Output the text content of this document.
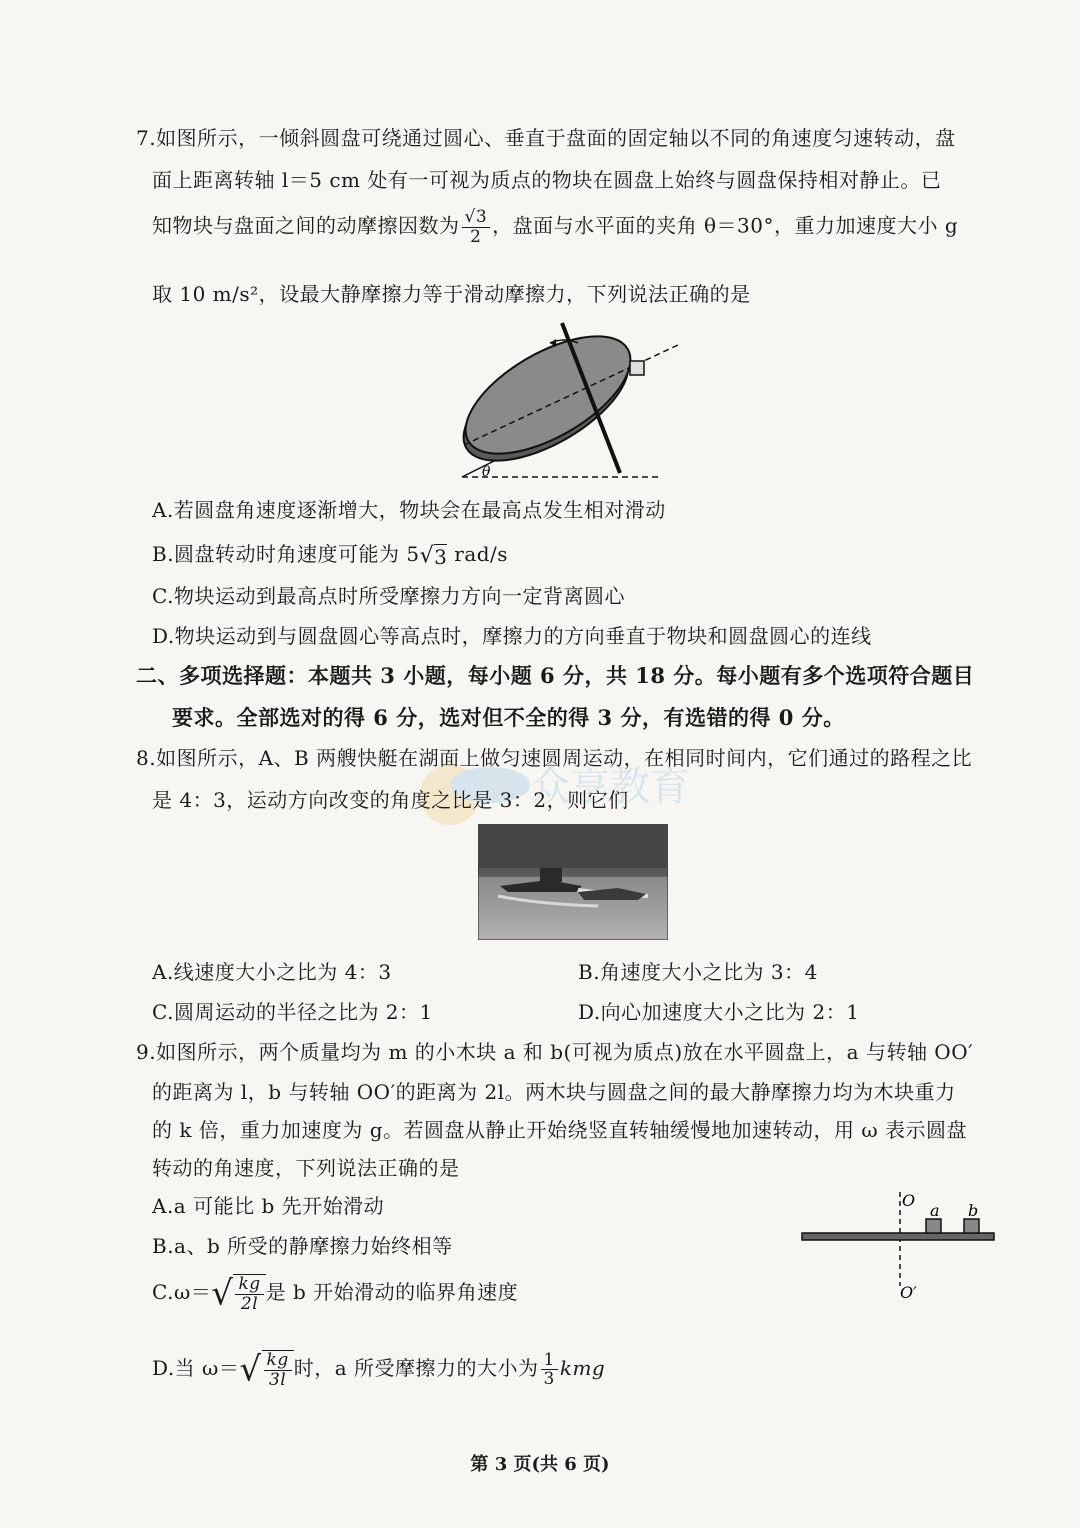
7.如图所示，一倾斜圆盘可绕通过圆心、垂直于盘面的固定轴以不同的角速度匀速转动，盘
面上距离转轴 l＝5 cm 处有一可视为质点的物块在圆盘上始终与圆盘保持相对静止。已
知物块与盘面之间的动摩擦因数为 $\frac{√3}{2}$ ，盘面与水平面的夹角 θ＝30°，重力加速度大小 g
取 10 m/s²，设最大静摩擦力等于滑动摩擦力，下列说法正确的是
θ
A.若圆盘角速度逐渐增大，物块会在最高点发生相对滑动
B.圆盘转动时角速度可能为 5√3 rad/s
C.物块运动到最高点时所受摩擦力方向一定背离圆心
D.物块运动到与圆盘圆心等高点时，摩擦力的方向垂直于物块和圆盘圆心的连线
二、多项选择题：本题共 3 小题，每小题 6 分，共 18 分。每小题有多个选项符合题目
要求。全部选对的得 6 分，选对但不全的得 3 分，有选错的得 0 分。
众享教育
8.如图所示，A、B 两艘快艇在湖面上做匀速圆周运动，在相同时间内，它们通过的路程之比
是 4：3，运动方向改变的角度之比是 3：2，则它们
A.线速度大小之比为 4：3	B.角速度大小之比为 3：4
C.圆周运动的半径之比为 2：1	D.向心加速度大小之比为 2：1
9.如图所示，两个质量均为 m 的小木块 a 和 b(可视为质点)放在水平圆盘上，a 与转轴 OO′
的距离为 l，b 与转轴 OO′的距离为 2l。两木块与圆盘之间的最大静摩擦力均为木块重力
的 k 倍，重力加速度为 g。若圆盘从静止开始绕竖直转轴缓慢地加速转动，用 ω 表示圆盘
转动的角速度，下列说法正确的是
A.a 可能比 b 先开始滑动
B.a、b 所受的静摩擦力始终相等
$C.\omega=√ \frac{kg}{2l}$ 是 b 开始滑动的临界角速度
D.当 $\omega=√ \frac{kg}{3l}$ 时，a 所受摩擦力的大小为 $\frac{1}{3}$ kmg
O
O′
a b
第 3 页(共 6 页)
